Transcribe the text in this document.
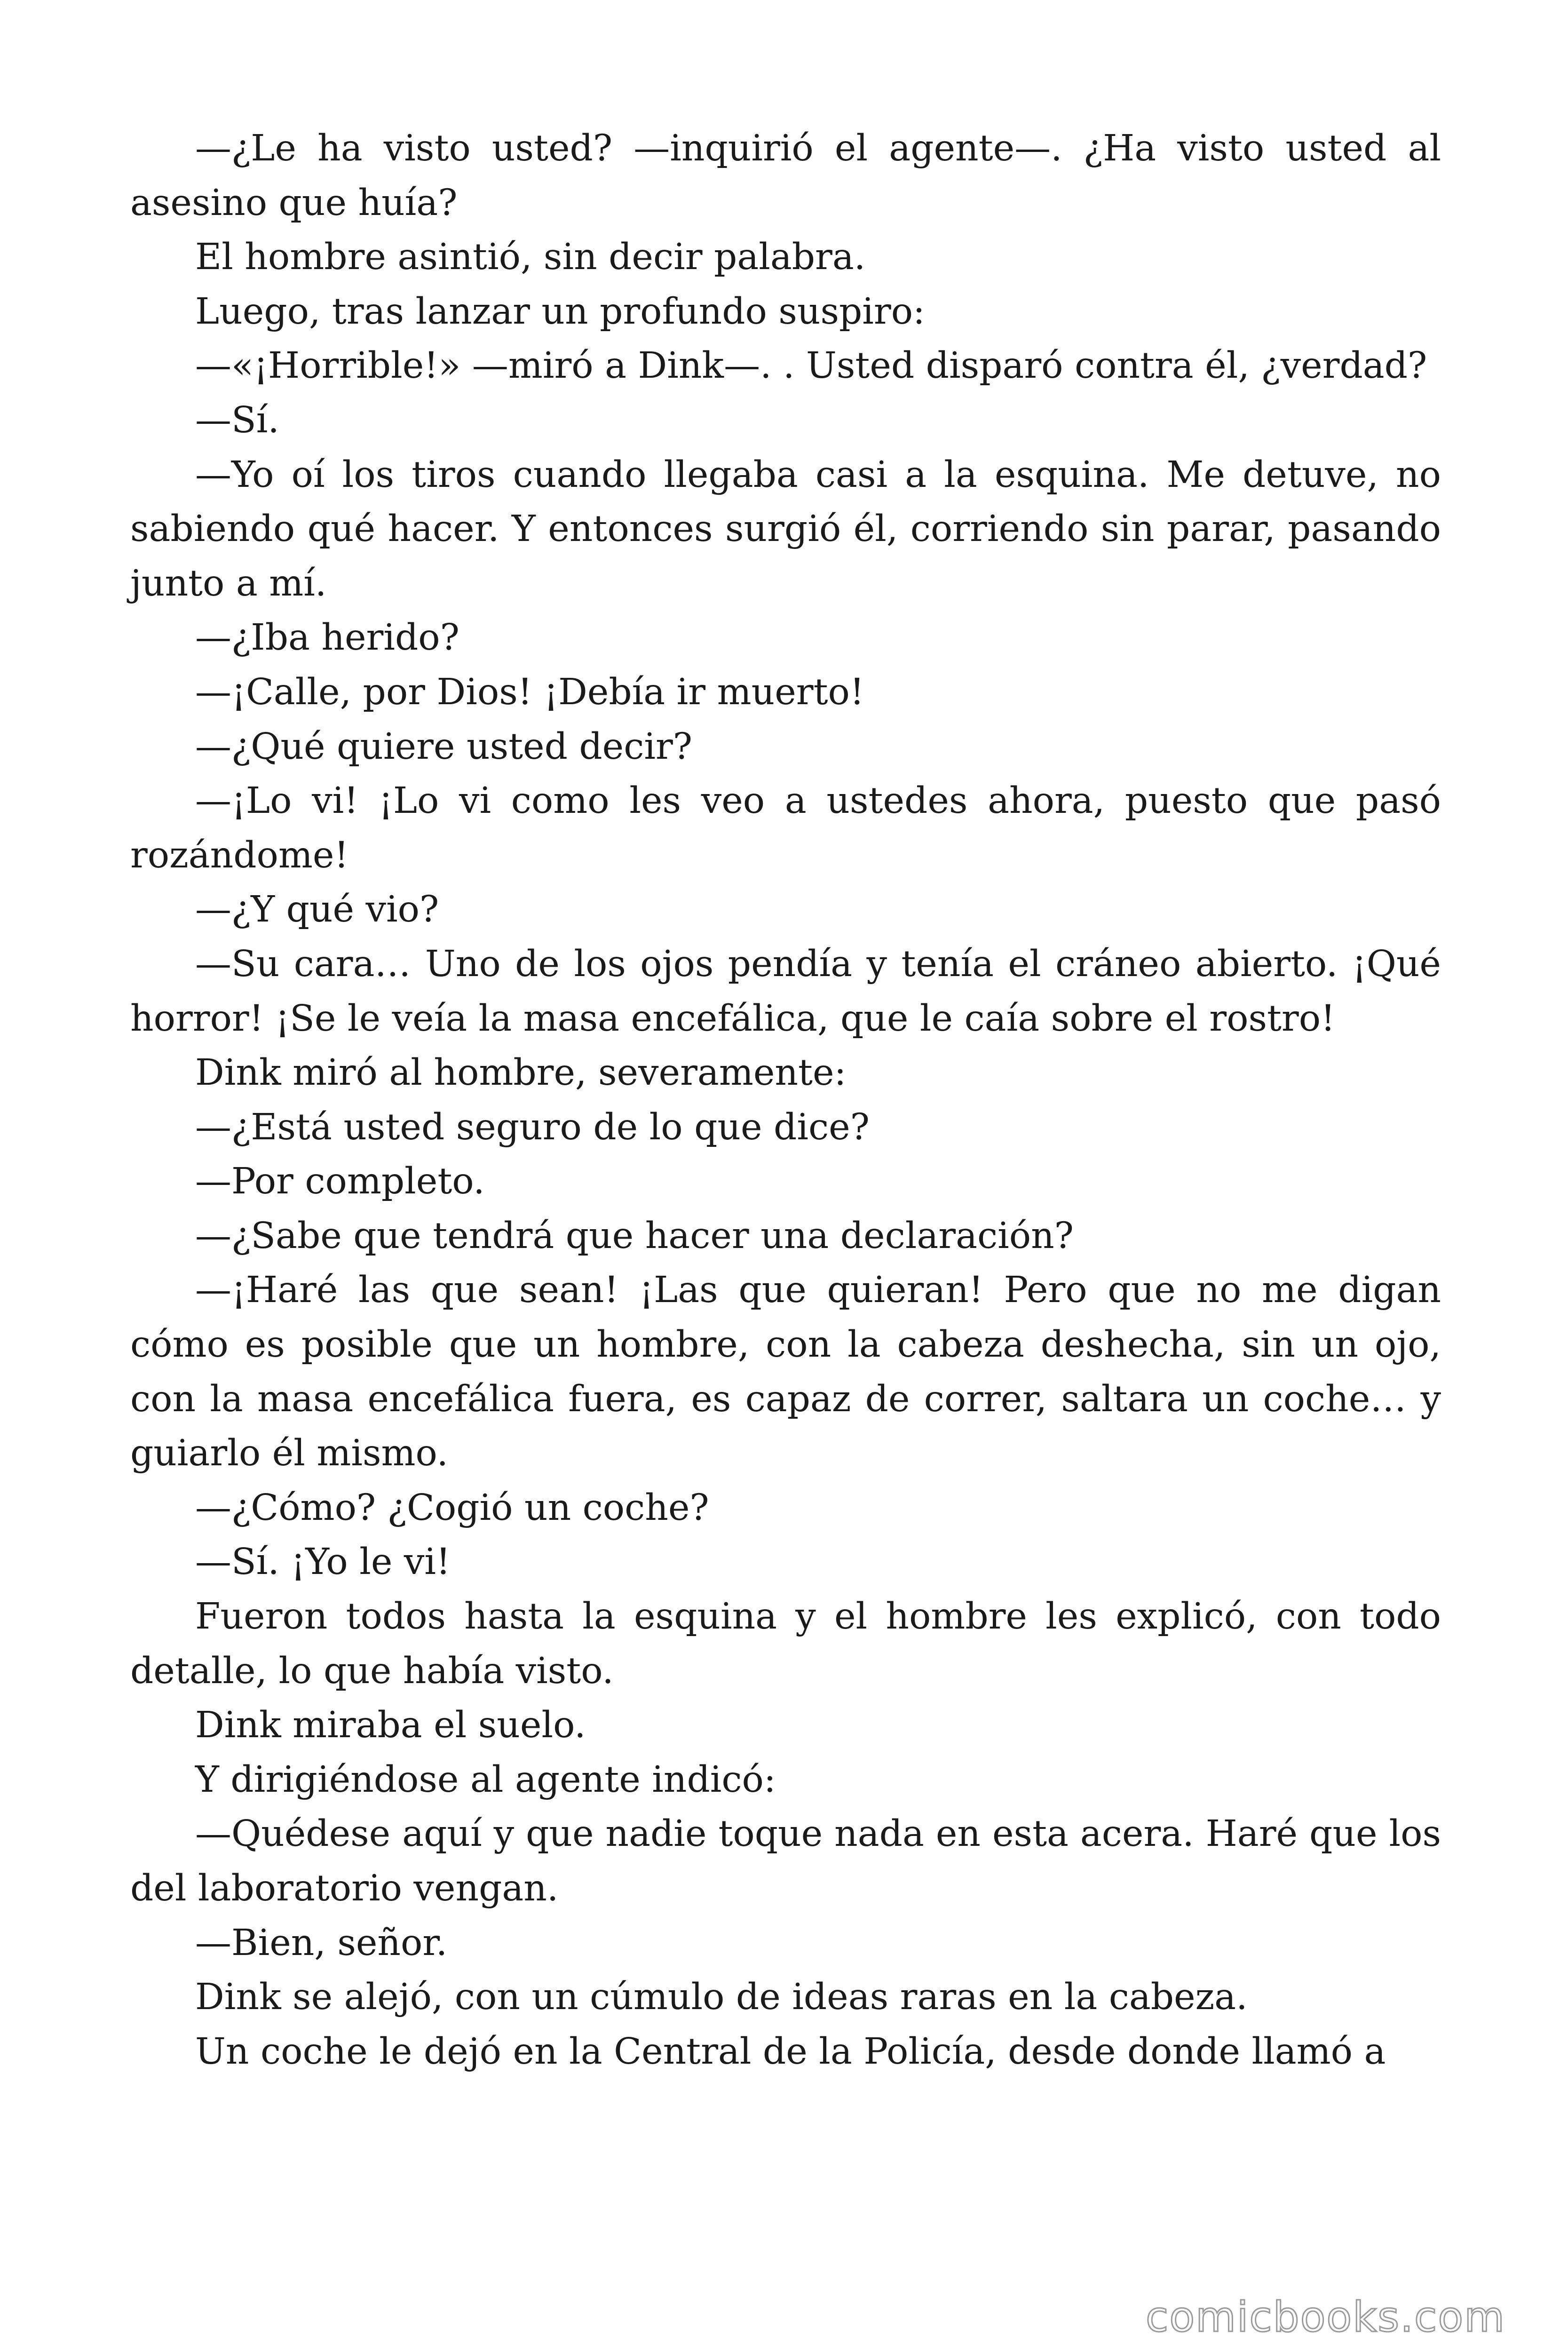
—¿Le ha visto usted? —inquirió el agente—. ¿Ha visto usted al asesino que huía?

El hombre asintió, sin decir palabra.

Luego, tras lanzar un profundo suspiro:

—«¡Horrible!» —miró a Dink—. . Usted disparó contra él, ¿verdad?

—Sí.

—Yo oí los tiros cuando llegaba casi a la esquina. Me detuve, no sabiendo qué hacer. Y entonces surgió él, corriendo sin parar, pasando junto a mí.

—¿Iba herido?

—¡Calle, por Dios! ¡Debía ir muerto!

—¿Qué quiere usted decir?

—¡Lo vi! ¡Lo vi como les veo a ustedes ahora, puesto que pasó rozándome!

—¿Y qué vio?

—Su cara… Uno de los ojos pendía y tenía el cráneo abierto. ¡Qué horror! ¡Se le veía la masa encefálica, que le caía sobre el rostro!

Dink miró al hombre, severamente:

—¿Está usted seguro de lo que dice?

—Por completo.

—¿Sabe que tendrá que hacer una declaración?

—¡Haré las que sean! ¡Las que quieran! Pero que no me digan cómo es posible que un hombre, con la cabeza deshecha, sin un ojo, con la masa encefálica fuera, es capaz de correr, saltara un coche… y guiarlo él mismo.

—¿Cómo? ¿Cogió un coche?

—Sí. ¡Yo le vi!

Fueron todos hasta la esquina y el hombre les explicó, con todo detalle, lo que había visto.

Dink miraba el suelo.

Y dirigiéndose al agente indicó:

—Quédese aquí y que nadie toque nada en esta acera. Haré que los del laboratorio vengan.

—Bien, señor.

Dink se alejó, con un cúmulo de ideas raras en la cabeza.

Un coche le dejó en la Central de la Policía, desde donde llamó a

comicbooks.com
